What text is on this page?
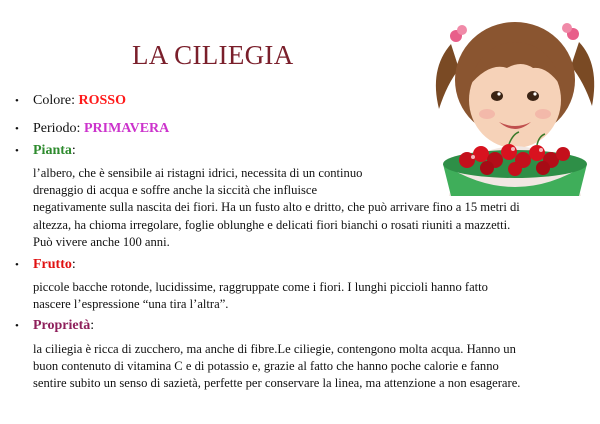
LA CILIEGIA
• Colore: ROSSO
• Periodo: PRIMAVERA
• Pianta:
l’albero, che è sensibile ai ristagni idrici, necessita di un continuo
drenaggio di acqua e soffre anche la siccità che influisce
negativamente sulla nascita dei fiori. Ha un fusto alto e dritto, che può arrivare fino a 15 metri di
altezza, ha chioma irregolare, foglie oblunghe e delicati fiori bianchi o rosati riuniti a mazzetti.
Può vivere anche 100 anni.
• Frutto:
piccole bacche rotonde, lucidissime, raggruppate come i fiori. I lunghi piccioli hanno fatto
nascere l’espressione “una tira l’altra”.
• Proprietà:
la ciliegia è ricca di zucchero, ma anche di fibre.Le ciliegie, contengono molta acqua. Hanno un
buon contenuto di vitamina C e di potassio e, grazie al fatto che hanno poche calorie e fanno
sentire subito un senso di sazietà, perfette per conservare la linea, ma attenzione a non esagerare.
